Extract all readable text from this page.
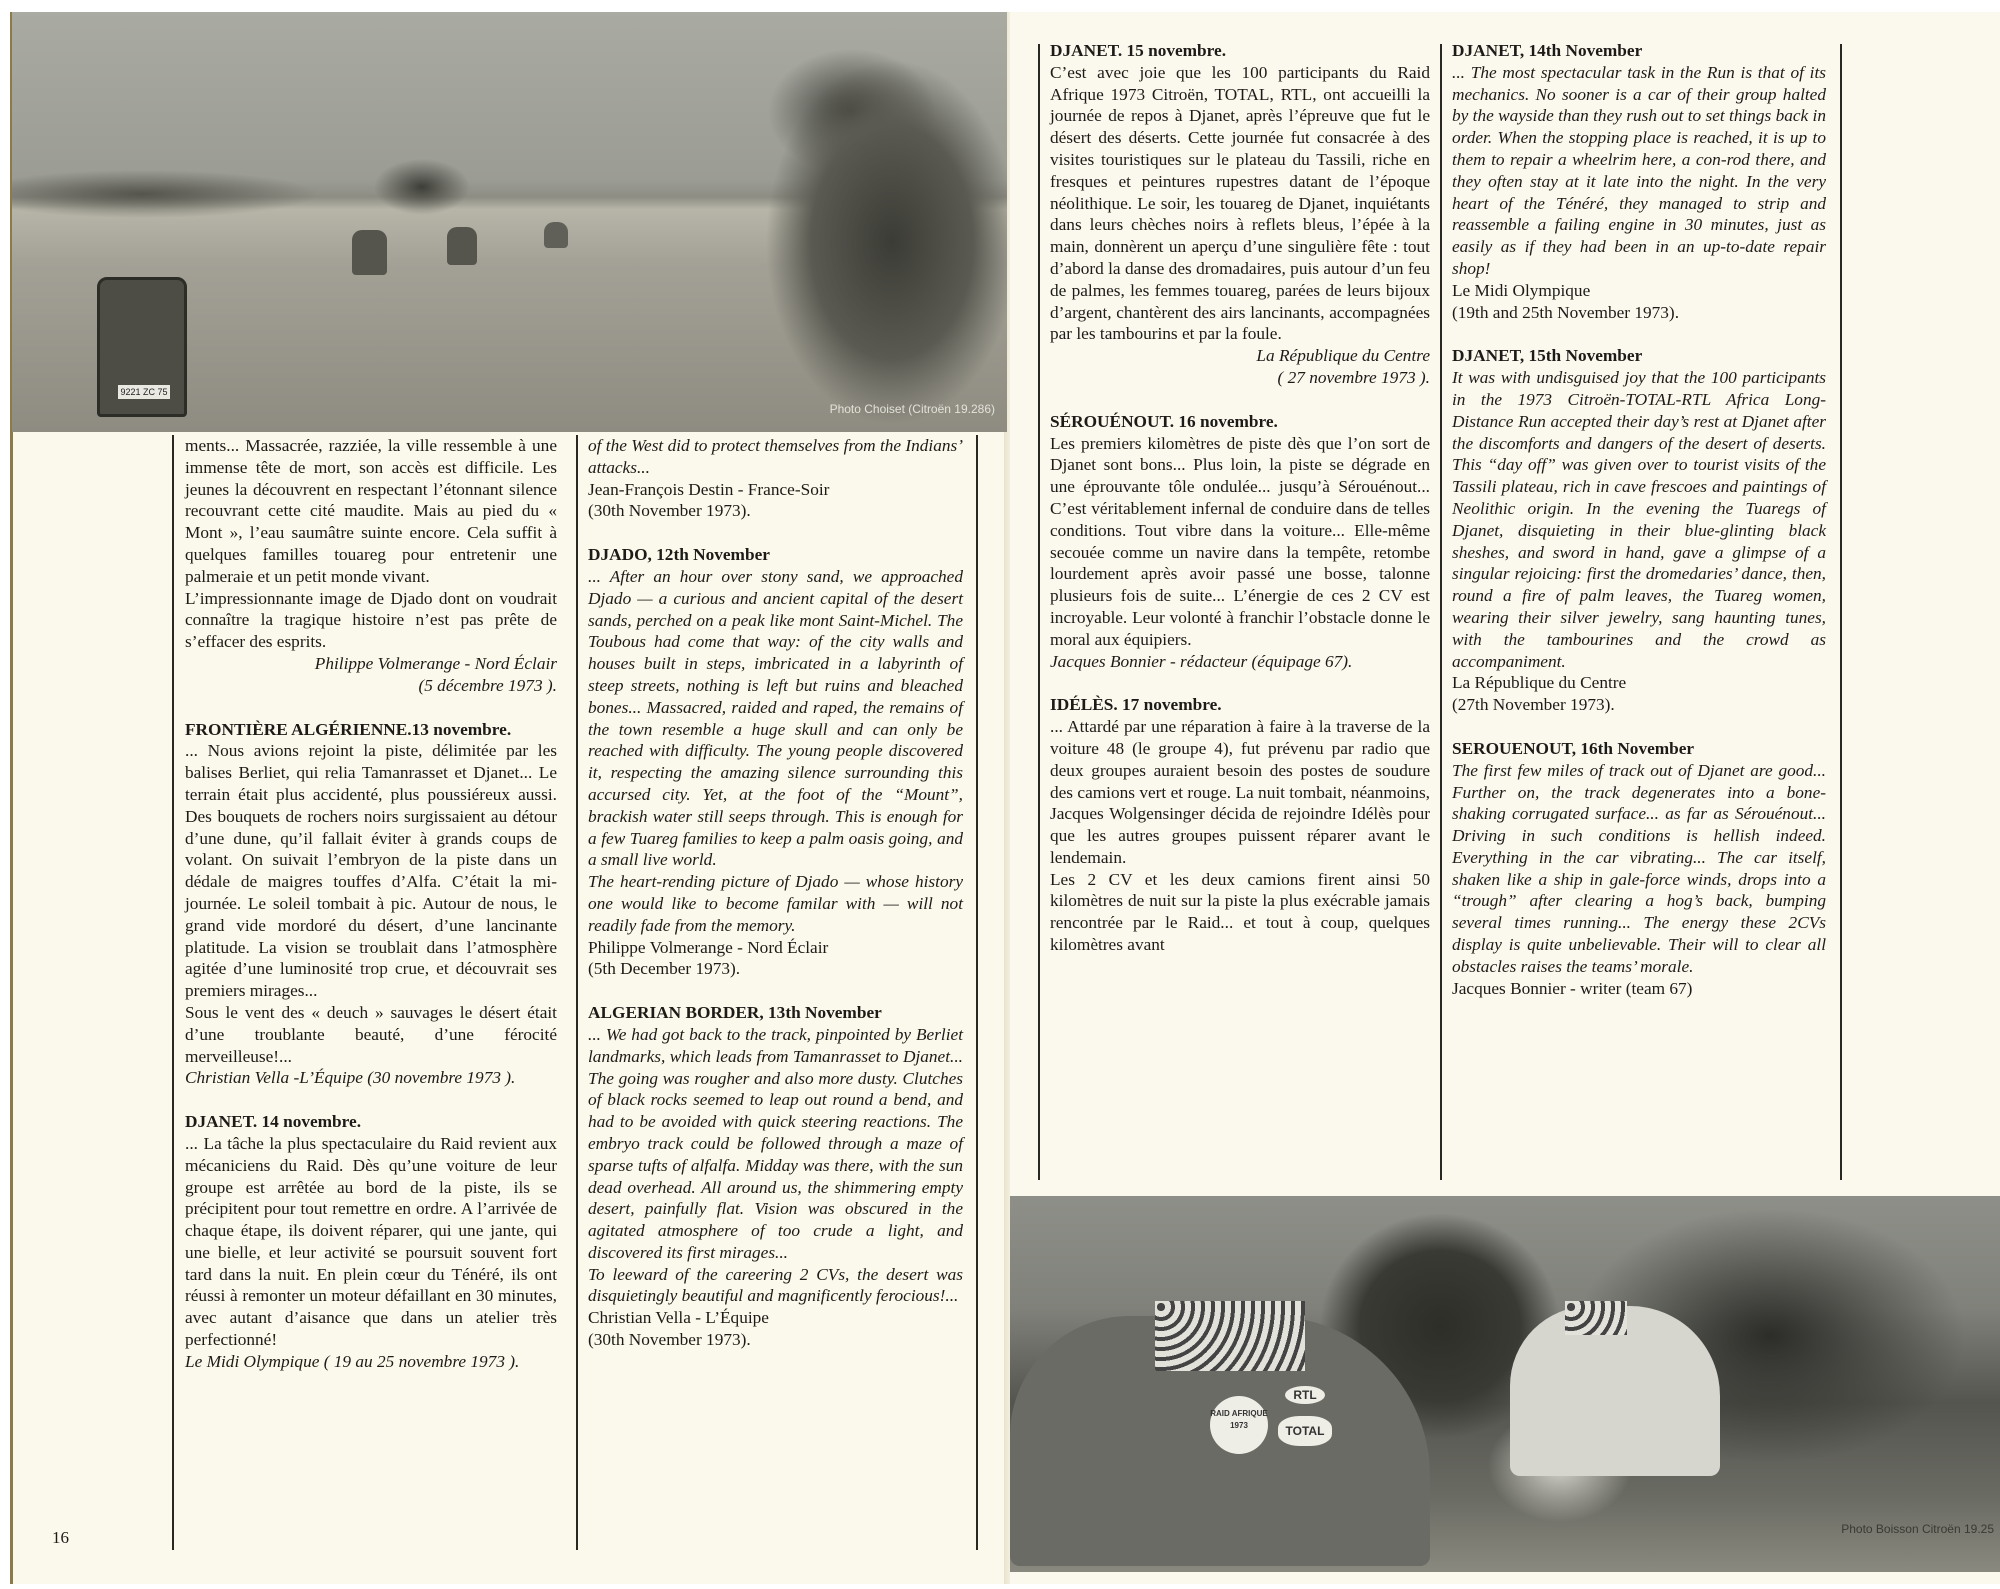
9221 ZC 75
Photo Choiset (Citroën 19.286)
RTL
TOTAL
RAID AFRIQUE 1973
Photo Boisson Citroën 19.25

ments... Massacrée, razziée, la ville ressemble à une immense tête de mort, son accès est difficile. Les jeunes la découvrent en respectant l’étonnant silence recouvrant cette cité maudite. Mais au pied du « Mont », l’eau saumâtre suinte encore. Cela suffit à quelques familles touareg pour entretenir une palmeraie et un petit monde vivant.

L’impressionnante image de Djado dont on voudrait connaître la tragique histoire n’est pas prête de s’effacer des esprits.

Philippe Volmerange - Nord Éclair

(5 décembre 1973 ).

FRONTIÈRE ALGÉRIENNE.13 novembre.

... Nous avions rejoint la piste, délimitée par les balises Berliet, qui relia Tamanrasset et Djanet... Le terrain était plus accidenté, plus poussiéreux aussi. Des bouquets de rochers noirs surgissaient au détour d’une dune, qu’il fallait éviter à grands coups de volant. On suivait l’embryon de la piste dans un dédale de maigres touffes d’Alfa. C’était la mi-journée. Le soleil tombait à pic. Autour de nous, le grand vide mordoré du désert, d’une lancinante platitude. La vision se troublait dans l’atmosphère agitée d’une luminosité trop crue, et découvrait ses premiers mirages...

Sous le vent des « deuch » sauvages le désert était d’une troublante beauté, d’une férocité merveilleuse!...

Christian Vella -L’Équipe (30 novembre 1973 ).

DJANET. 14 novembre.

... La tâche la plus spectaculaire du Raid revient aux mécaniciens du Raid. Dès qu’une voiture de leur groupe est arrêtée au bord de la piste, ils se précipitent pour tout remettre en ordre. A l’arrivée de chaque étape, ils doivent réparer, qui une jante, qui une bielle, et leur activité se poursuit souvent fort tard dans la nuit. En plein cœur du Ténéré, ils ont réussi à remonter un moteur défaillant en 30 minutes, avec autant d’aisance que dans un atelier très perfectionné!

Le Midi Olympique ( 19 au 25 novembre 1973 ).

of the West did to protect themselves from the Indians’ attacks...

Jean-François Destin - France-Soir

(30th November 1973).

DJADO, 12th November

... After an hour over stony sand, we approached Djado — a curious and ancient capital of the desert sands, perched on a peak like mont Saint-Michel. The Toubous had come that way: of the city walls and houses built in steps, imbricated in a labyrinth of steep streets, nothing is left but ruins and bleached bones... Massacred, raided and raped, the remains of the town resemble a huge skull and can only be reached with difficulty. The young people discovered it, respecting the amazing silence surrounding this accursed city. Yet, at the foot of the “Mount”, brackish water still seeps through. This is enough for a few Tuareg families to keep a palm oasis going, and a small live world.

The heart-rending picture of Djado — whose history one would like to become familar with — will not readily fade from the memory.

Philippe Volmerange - Nord Éclair

(5th December 1973).

ALGERIAN BORDER, 13th November

... We had got back to the track, pinpointed by Berliet landmarks, which leads from Tamanrasset to Djanet... The going was rougher and also more dusty. Clutches of black rocks seemed to leap out round a bend, and had to be avoided with quick steering reactions. The embryo track could be followed through a maze of sparse tufts of alfalfa. Midday was there, with the sun dead overhead. All around us, the shimmering empty desert, painfully flat. Vision was obscured in the agitated atmosphere of too crude a light, and discovered its first mirages...

To leeward of the careering 2 CVs, the desert was disquietingly beautiful and magnificently ferocious!...

Christian Vella - L’Équipe

(30th November 1973).

DJANET. 15 novembre.

C’est avec joie que les 100 participants du Raid Afrique 1973 Citroën, TOTAL, RTL, ont accueilli la journée de repos à Djanet, après l’épreuve que fut le désert des déserts. Cette journée fut consacrée à des visites touristiques sur le plateau du Tassili, riche en fresques et peintures rupestres datant de l’époque néolithique. Le soir, les touareg de Djanet, inquiétants dans leurs chèches noirs à reflets bleus, l’épée à la main, donnèrent un aperçu d’une singulière fête : tout d’abord la danse des dromadaires, puis autour d’un feu de palmes, les femmes touareg, parées de leurs bijoux d’argent, chantèrent des airs lancinants, accompagnées par les tambourins et par la foule.

La République du Centre

( 27 novembre 1973 ).

SÉROUÉNOUT. 16 novembre.

Les premiers kilomètres de piste dès que l’on sort de Djanet sont bons... Plus loin, la piste se dégrade en une éprouvante tôle ondulée... jusqu’à Sérouénout... C’est véritablement infernal de conduire dans de telles conditions. Tout vibre dans la voiture... Elle-même secouée comme un navire dans la tempête, retombe lourdement après avoir passé une bosse, talonne plusieurs fois de suite... L’énergie de ces 2 CV est incroyable. Leur volonté à franchir l’obstacle donne le moral aux équipiers.

Jacques Bonnier - rédacteur (équipage 67).

IDÉLÈS. 17 novembre.

... Attardé par une réparation à faire à la traverse de la voiture 48 (le groupe 4), fut prévenu par radio que deux groupes auraient besoin des postes de soudure des camions vert et rouge. La nuit tombait, néanmoins, Jacques Wolgensinger décida de rejoindre Idélès pour que les autres groupes puissent réparer avant le lendemain.

Les 2 CV et les deux camions firent ainsi 50 kilomètres de nuit sur la piste la plus exécrable jamais rencontrée par le Raid... et tout à coup, quelques kilomètres avant

DJANET, 14th November

... The most spectacular task in the Run is that of its mechanics. No sooner is a car of their group halted by the wayside than they rush out to set things back in order. When the stopping place is reached, it is up to them to repair a wheelrim here, a con-rod there, and they often stay at it late into the night. In the very heart of the Ténéré, they managed to strip and reassemble a failing engine in 30 minutes, just as easily as if they had been in an up-to-date repair shop!

Le Midi Olympique

(19th and 25th November 1973).

DJANET, 15th November

It was with undisguised joy that the 100 participants in the 1973 Citroën-TOTAL-RTL Africa Long-Distance Run accepted their day’s rest at Djanet after the discomforts and dangers of the desert of deserts. This “day off” was given over to tourist visits of the Tassili plateau, rich in cave frescoes and paintings of Neolithic origin. In the evening the Tuaregs of Djanet, disquieting in their blue-glinting black sheshes, and sword in hand, gave a glimpse of a singular rejoicing: first the dromedaries’ dance, then, round a fire of palm leaves, the Tuareg women, wearing their silver jewelry, sang haunting tunes, with the tambourines and the crowd as accompaniment.

La République du Centre

(27th November 1973).

SEROUENOUT, 16th November

The first few miles of track out of Djanet are good... Further on, the track degenerates into a bone-shaking corrugated surface... as far as Sérouénout... Driving in such conditions is hellish indeed. Everything in the car vibrating... The car itself, shaken like a ship in gale-force winds, drops into a “trough” after clearing a hog’s back, bumping several times running... The energy these 2CVs display is quite unbelievable. Their will to clear all obstacles raises the teams’ morale.

Jacques Bonnier - writer (team 67)

16
